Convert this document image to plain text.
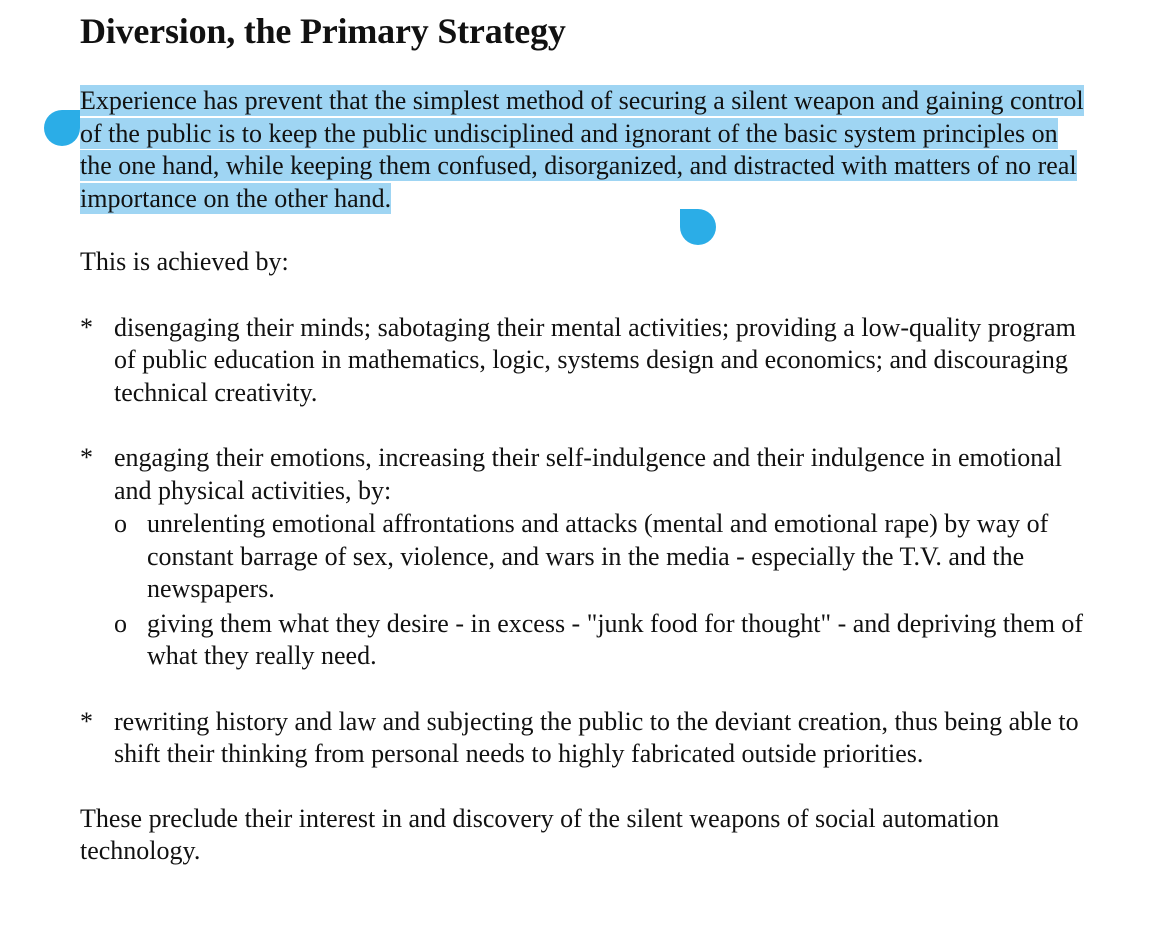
Diversion, the Primary Strategy

Experience has prevent that the simplest method of securing a silent weapon and gaining control of the public is to keep the public undisciplined and ignorant of the basic system principles on the one hand, while keeping them confused, disorganized, and distracted with matters of no real importance on the other hand.

This is achieved by:

* disengaging their minds; sabotaging their mental activities; providing a low-quality program of public education in mathematics, logic, systems design and economics; and discouraging technical creativity.
* engaging their emotions, increasing their self-indulgence and their indulgence in emotional and physical activities, by:
o unrelenting emotional affrontations and attacks (mental and emotional rape) by way of constant barrage of sex, violence, and wars in the media - especially the T.V. and the newspapers.
o giving them what they desire - in excess - "junk food for thought" - and depriving them of what they really need.
* rewriting history and law and subjecting the public to the deviant creation, thus being able to shift their thinking from personal needs to highly fabricated outside priorities.

These preclude their interest in and discovery of the silent weapons of social automation technology.
